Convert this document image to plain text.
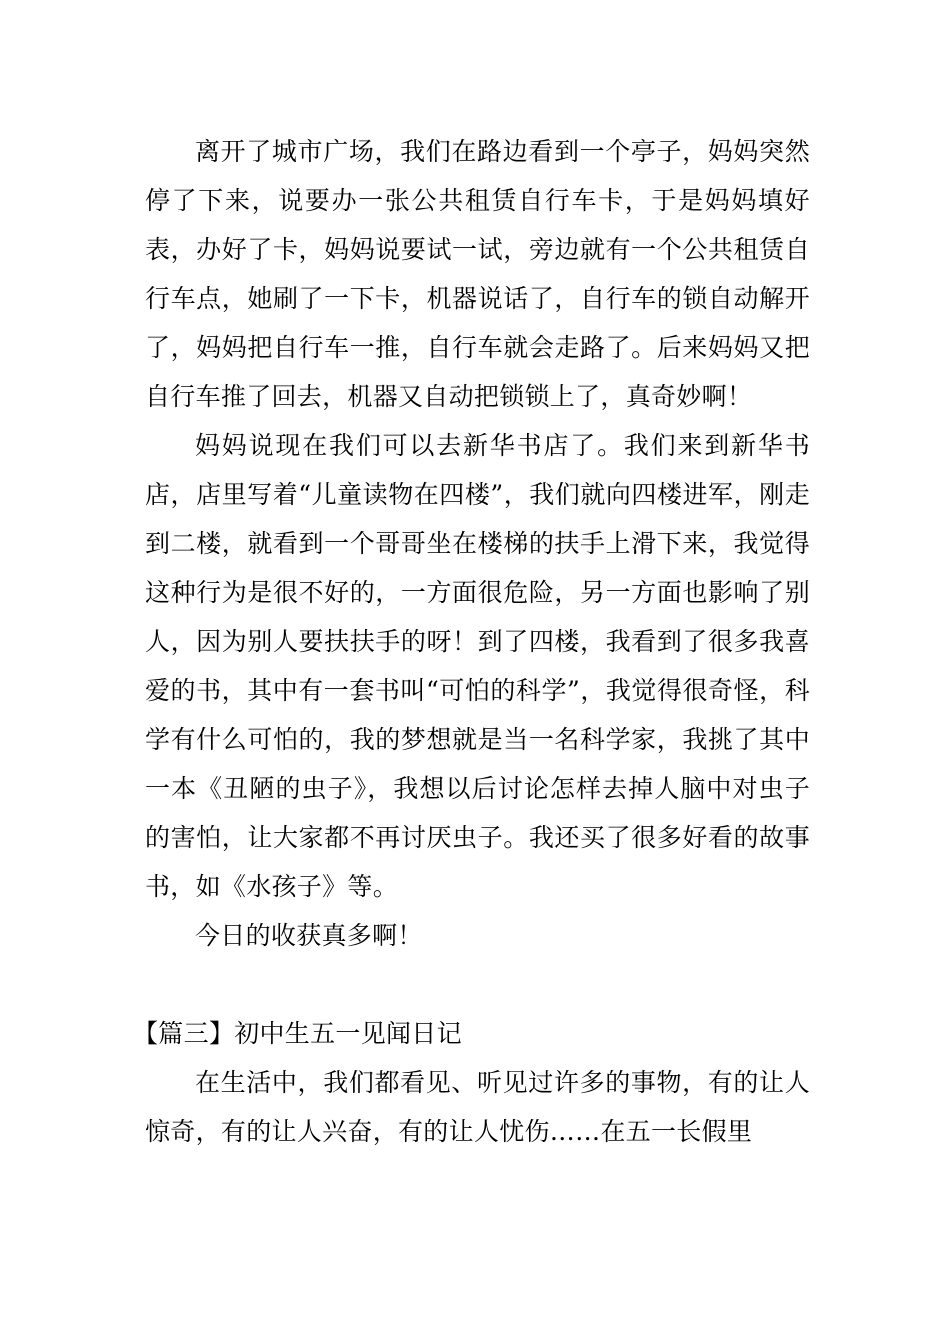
离开了城市广场，我们在路边看到一个亭子，妈妈突然停了下来，说要办一张公共租赁自行车卡，于是妈妈填好表，办好了卡，妈妈说要试一试，旁边就有一个公共租赁自行车点，她刷了一下卡，机器说话了，自行车的锁自动解开了，妈妈把自行车一推，自行车就会走路了。后来妈妈又把自行车推了回去，机器又自动把锁锁上了，真奇妙啊！

妈妈说现在我们可以去新华书店了。我们来到新华书店，店里写着“儿童读物在四楼”，我们就向四楼进军，刚走到二楼，就看到一个哥哥坐在楼梯的扶手上滑下来，我觉得这种行为是很不好的，一方面很危险，另一方面也影响了别人，因为别人要扶扶手的呀！到了四楼，我看到了很多我喜爱的书，其中有一套书叫“可怕的科学”，我觉得很奇怪，科学有什么可怕的，我的梦想就是当一名科学家，我挑了其中一本《丑陋的虫子》，我想以后讨论怎样去掉人脑中对虫子的害怕，让大家都不再讨厌虫子。我还买了很多好看的故事书，如《水孩子》等。

今日的收获真多啊！

【篇三】初中生五一见闻日记

在生活中，我们都看见、听见过许多的事物，有的让人惊奇，有的让人兴奋，有的让人忧伤……在五一长假里
